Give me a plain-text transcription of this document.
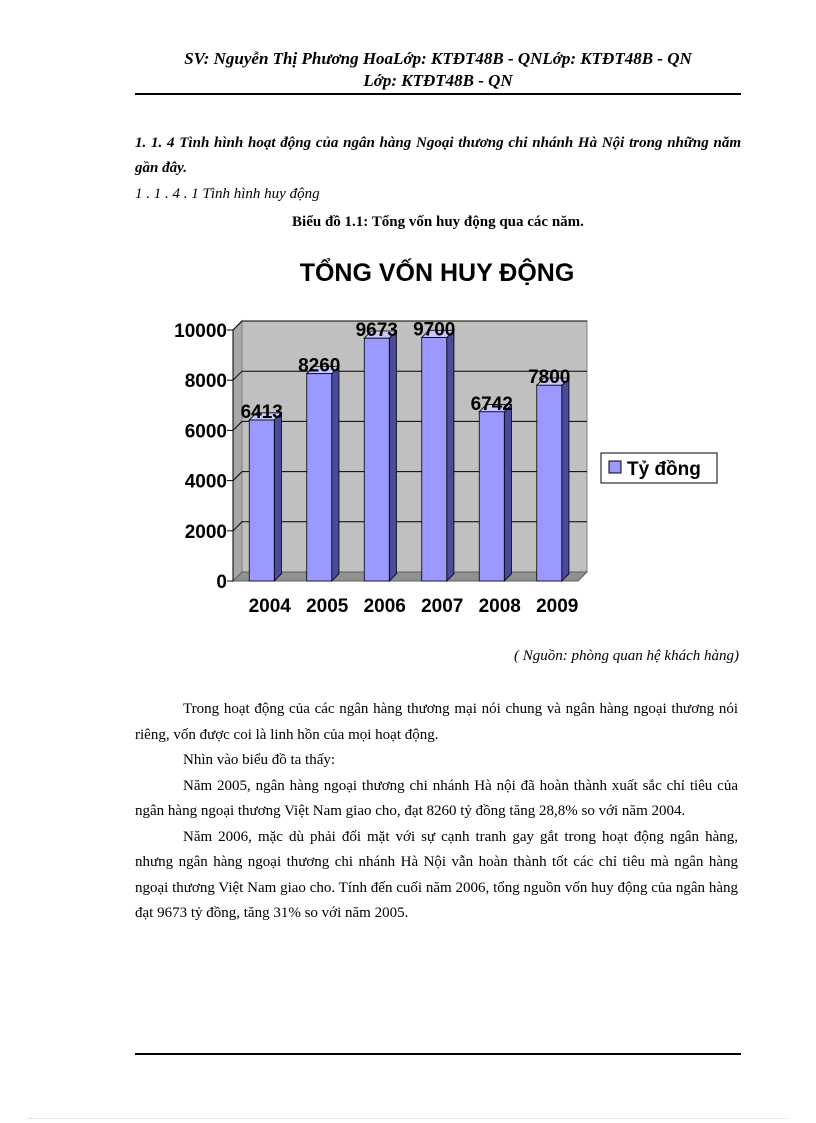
SV: Nguyễn Thị Phương HoaLớp: KTĐT48B - QNLớp: KTĐT48B - QN
Lớp: KTĐT48B - QN
1. 1. 4 Tình hình hoạt động của ngân hàng Ngoại thương chi nhánh Hà Nội trong những năm gần đây.
1 . 1 . 4 . 1 Tình hình huy động
Biểu đồ 1.1: Tổng vốn huy động qua các năm.
TỔNG VỐN HUY ĐỘNG
0
2000
4000
6000
8000
10000
6413
2004
8260
2005
9673
2006
9700
2007
6742
2008
7800
2009
Tỷ đồng
( Nguồn: phòng quan hệ khách hàng)

Trong hoạt động của các ngân hàng thương mại nói chung và ngân hàng ngoại thương nói riêng, vốn được coi là linh hồn của mọi hoạt động.

Nhìn vào biểu đồ ta thấy:

Năm 2005, ngân hàng ngoại thương chi nhánh Hà nội đã hoàn thành xuất sắc chỉ tiêu của ngân hàng ngoại thương Việt Nam giao cho, đạt 8260 tỷ đồng tăng 28,8% so với năm 2004.

Năm 2006, mặc dù phải đối mặt với sự cạnh tranh gay gắt trong hoạt động ngân hàng, nhưng ngân hàng ngoại thương chi nhánh Hà Nội vẫn hoàn thành tốt các chỉ tiêu mà ngân hàng ngoại thương Việt Nam giao cho. Tính đến cuối năm 2006, tổng nguồn vốn huy động của ngân hàng đạt 9673 tỷ đồng, tăng 31% so với năm 2005.
